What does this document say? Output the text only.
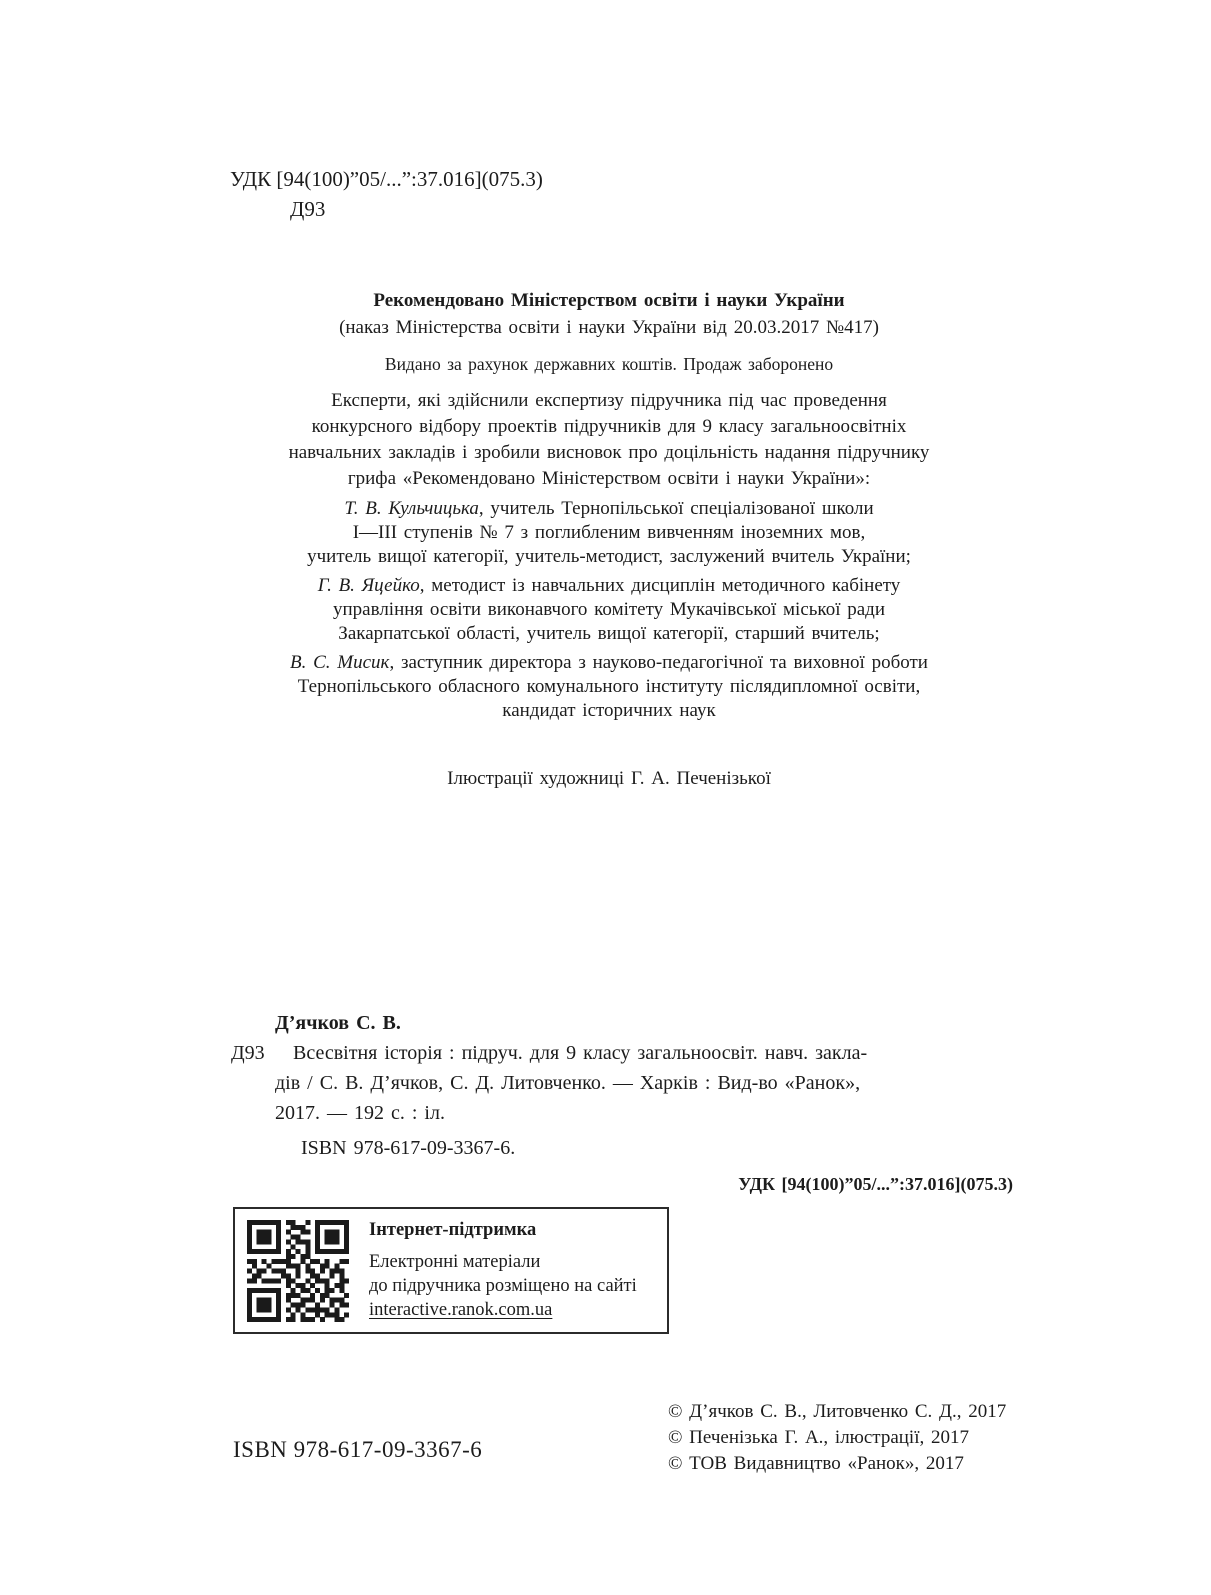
УДК [94(100)”05/...”:37.016](075.3)
Д93
Рекомендовано Міністерством освіти і науки України
(наказ Міністерства освіти і науки України від 20.03.2017 №417)
Видано за рахунок державних коштів. Продаж заборонено
Експерти, які здійснили експертизу підручника під час проведення
конкурсного відбору проектів підручників для 9 класу загальноосвітніх
навчальних закладів і зробили висновок про доцільність надання підручнику
грифа «Рекомендовано Міністерством освіти і науки України»:
Т. В. Кульчицька, учитель Тернопільської спеціалізованої школи
І—ІІІ ступенів № 7 з поглибленим вивченням іноземних мов,
учитель вищої категорії, учитель-методист, заслужений вчитель України;
Г. В. Яцейко, методист із навчальних дисциплін методичного кабінету
управління освіти виконавчого комітету Мукачівської міської ради
Закарпатської області, учитель вищої категорії, старший вчитель;
В. С. Мисик, заступник директора з науково-педагогічної та виховної роботи
Тернопільського обласного комунального інституту післядипломної освіти,
кандидат історичних наук
Ілюстрації художниці Г. А. Печенізької
Д’ячков С. В.
Д93	Всесвітня історія : підруч. для 9 класу загальноосвіт. навч. закла-
дів / С. В. Д’ячков, С. Д. Литовченко. — Харків : Вид-во «Ранок»,
2017. — 192 с. : іл.
ISBN 978-617-09-3367-6.
УДК [94(100)”05/...”:37.016](075.3)
Інтернет-підтримка
Електронні матеріали
до підручника розміщено на сайті
interactive.ranok.com.ua
© Д’ячков С. В., Литовченко С. Д., 2017
© Печенізька Г. А., ілюстрації, 2017
© ТОВ Видавництво «Ранок», 2017
ISBN 978-617-09-3367-6
